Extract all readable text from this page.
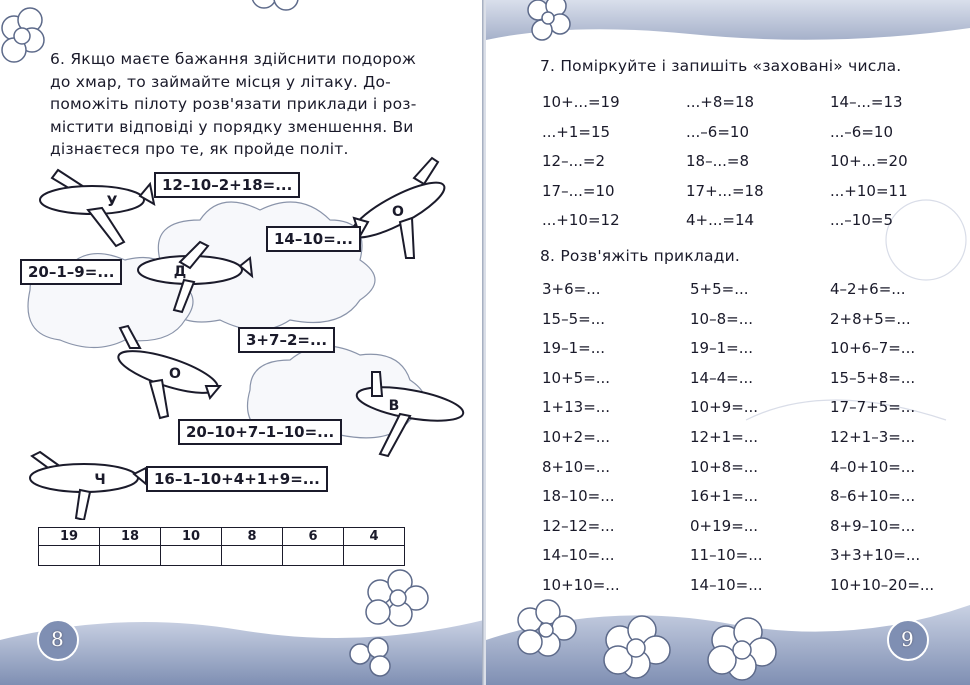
6. Якщо маєте бажання здійснити подорож
до хмар, то займайте місця у літаку. До-
поможіть пілоту розв'язати приклади і роз-
містити відповіді у порядку зменшення. Ви
дізнаєтеся про те, як пройде політ.
У
О
Д
О
В
Ч
12–10–2+18=...
14–10=...
20–1–9=...
3+7–2=...
20–10+7–1–10=...
16–1–10+4+1+9=...
19	18	10	8	6	4

8
7. Поміркуйте і запишіть «заховані» числа.
10+...=19	...+8=18	14–...=13
...+1=15	...–6=10	...–6=10
12–...=2	18–...=8	10+...=20
17–...=10	17+...=18	...+10=11
...+10=12	4+...=14	...–10=5
8. Розв'яжіть приклади.
3+6=...	5+5=...	4–2+6=...
15–5=...	10–8=...	2+8+5=...
19–1=...	19–1=...	10+6–7=...
10+5=...	14–4=...	15–5+8=...
1+13=...	10+9=...	17–7+5=...
10+2=...	12+1=...	12+1–3=...
8+10=...	10+8=...	4–0+10=...
18–10=...	16+1=...	8–6+10=...
12–12=...	0+19=...	8+9–10=...
14–10=...	11–10=...	3+3+10=...
10+10=...	14–10=...	10+10–20=...
9
